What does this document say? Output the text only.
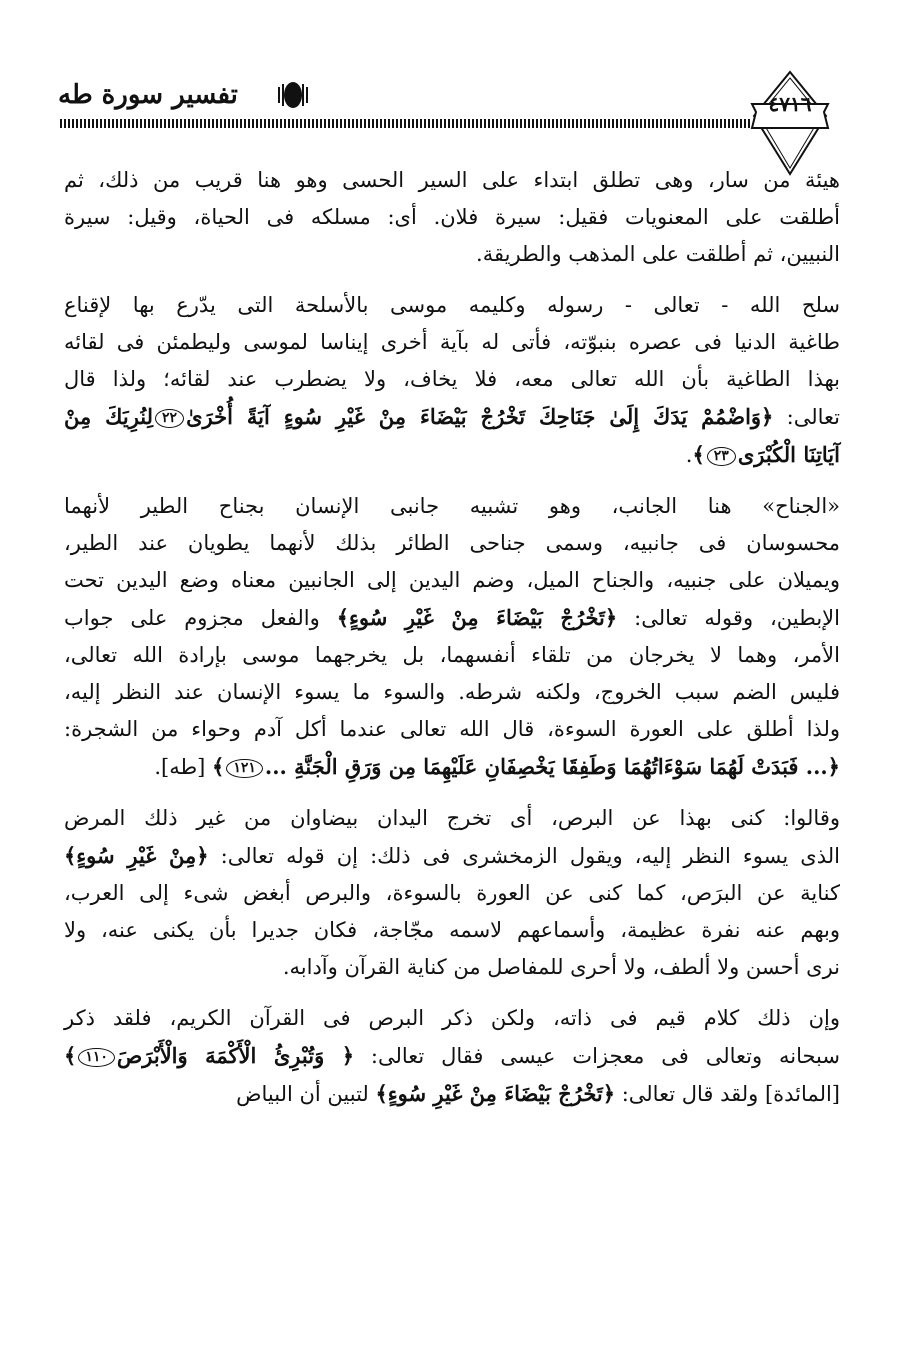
تفسير سورة طه	٤٧١٦
هيئة من سار، وهى تطلق ابتداء على السير الحسى وهو هنا قريب من ذلك، ثم
أطلقت على المعنويات فقيل: سيرة فلان. أى: مسلكه فى الحياة، وقيل: سيرة
النبيين، ثم أطلقت على المذهب والطريقة.
سلح الله - تعالى - رسوله وكليمه موسى بالأسلحة التى يدّرع بها لإقناع
طاغية الدنيا فى عصره بنبوّته، فأتى له بآية أخرى إيناسا لموسى وليطمئن فى لقائه
بهذا الطاغية بأن الله تعالى معه، فلا يخاف، ولا يضطرب عند لقائه؛ ولذا قال
تعالى: ﴿وَاضْمُمْ يَدَكَ إِلَىٰ جَنَاحِكَ تَخْرُجْ بَيْضَاءَ مِنْ غَيْرِ سُوءٍ آيَةً أُخْرَىٰ٢٢لِنُرِيَكَ مِنْ
آيَاتِنَا الْكُبْرَى٢٣﴾.
«الجناح» هنا الجانب، وهو تشبيه جانبى الإنسان بجناح الطير لأنهما
محسوسان فى جانبيه، وسمى جناحى الطائر بذلك لأنهما يطويان عند الطير،
ويميلان على جنبيه، والجناح الميل، وضم اليدين إلى الجانبين معناه وضع اليدين تحت
الإبطين، وقوله تعالى: ﴿تَخْرُجْ بَيْضَاءَ مِنْ غَيْرِ سُوءٍ﴾ والفعل مجزوم على جواب
الأمر، وهما لا يخرجان من تلقاء أنفسهما، بل يخرجهما موسى بإرادة الله تعالى،
فليس الضم سبب الخروج، ولكنه شرطه. والسوء ما يسوء الإنسان عند النظر إليه،
ولذا أطلق على العورة السوءة، قال الله تعالى عندما أكل آدم وحواء من الشجرة:
﴿... فَبَدَتْ لَهُمَا سَوْءَاتُهُمَا وَطَفِقَا يَخْصِفَانِ عَلَيْهِمَا مِن وَرَقِ الْجَنَّةِ ...١٢١﴾ [طه].
وقالوا: كنى بهذا عن البرص، أى تخرج اليدان بيضاوان من غير ذلك المرض
الذى يسوء النظر إليه، ويقول الزمخشرى فى ذلك: إن قوله تعالى: ﴿مِنْ غَيْرِ سُوءٍ﴾
كناية عن البرَص، كما كنى عن العورة بالسوءة، والبرص أبغض شىء إلى العرب،
وبهم عنه نفرة عظيمة، وأسماعهم لاسمه مجّاجة، فكان جديرا بأن يكنى عنه، ولا
نرى أحسن ولا ألطف، ولا أحرى للمفاصل من كناية القرآن وآدابه.
وإن ذلك كلام قيم فى ذاته، ولكن ذكر البرص فى القرآن الكريم، فلقد ذكر
سبحانه وتعالى فى معجزات عيسى فقال تعالى: ﴿ وَتُبْرِئُ الْأَكْمَهَ وَالْأَبْرَصَ١١٠﴾
[المائدة] ولقد قال تعالى: ﴿تَخْرُجْ بَيْضَاءَ مِنْ غَيْرِ سُوءٍ﴾ لتبين أن البياض
